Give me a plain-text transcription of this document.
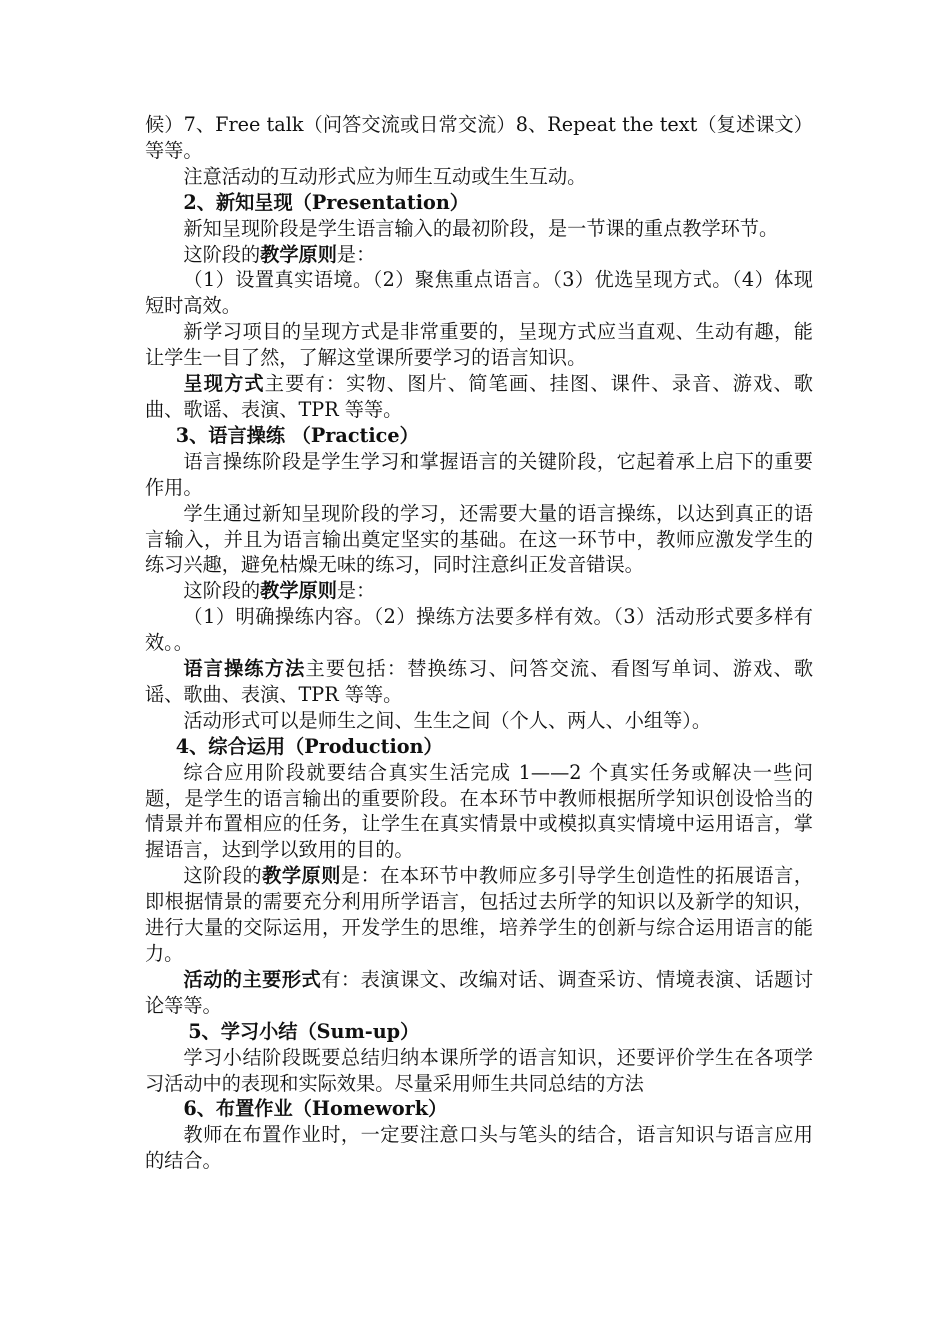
候）7、Free talk（问答交流或日常交流）8、Repeat the text（复述课文）等等。

注意活动的互动形式应为师生互动或生生互动。

2、新知呈现（Presentation）

新知呈现阶段是学生语言输入的最初阶段，是一节课的重点教学环节。

这阶段的教学原则是：

（1）设置真实语境。（2）聚焦重点语言。（3）优选呈现方式。（4）体现短时高效。

新学习项目的呈现方式是非常重要的，呈现方式应当直观、生动有趣，能让学生一目了然，了解这堂课所要学习的语言知识。

呈现方式主要有：实物、图片、简笔画、挂图、课件、录音、游戏、歌曲、歌谣、表演、TPR 等等。

3、语言操练 （Practice）

语言操练阶段是学生学习和掌握语言的关键阶段，它起着承上启下的重要作用。

学生通过新知呈现阶段的学习，还需要大量的语言操练，以达到真正的语言输入，并且为语言输出奠定坚实的基础。在这一环节中，教师应激发学生的练习兴趣，避免枯燥无味的练习，同时注意纠正发音错误。

这阶段的教学原则是：

（1）明确操练内容。（2）操练方法要多样有效。（3）活动形式要多样有效。。

语言操练方法主要包括：替换练习、问答交流、看图写单词、游戏、歌谣、歌曲、表演、TPR 等等。

活动形式可以是师生之间、生生之间（个人、两人、小组等）。

4、综合运用（Production）

综合应用阶段就要结合真实生活完成 1——2 个真实任务或解决一些问题，是学生的语言输出的重要阶段。在本环节中教师根据所学知识创设恰当的情景并布置相应的任务，让学生在真实情景中或模拟真实情境中运用语言，掌握语言，达到学以致用的目的。

这阶段的教学原则是：在本环节中教师应多引导学生创造性的拓展语言，即根据情景的需要充分利用所学语言，包括过去所学的知识以及新学的知识，进行大量的交际运用，开发学生的思维，培养学生的创新与综合运用语言的能力。

活动的主要形式有：表演课文、改编对话、调查采访、情境表演、话题讨论等等。

5、学习小结（Sum-up）

学习小结阶段既要总结归纳本课所学的语言知识，还要评价学生在各项学习活动中的表现和实际效果。尽量采用师生共同总结的方法

6、布置作业（Homework）

教师在布置作业时，一定要注意口头与笔头的结合，语言知识与语言应用的结合。
